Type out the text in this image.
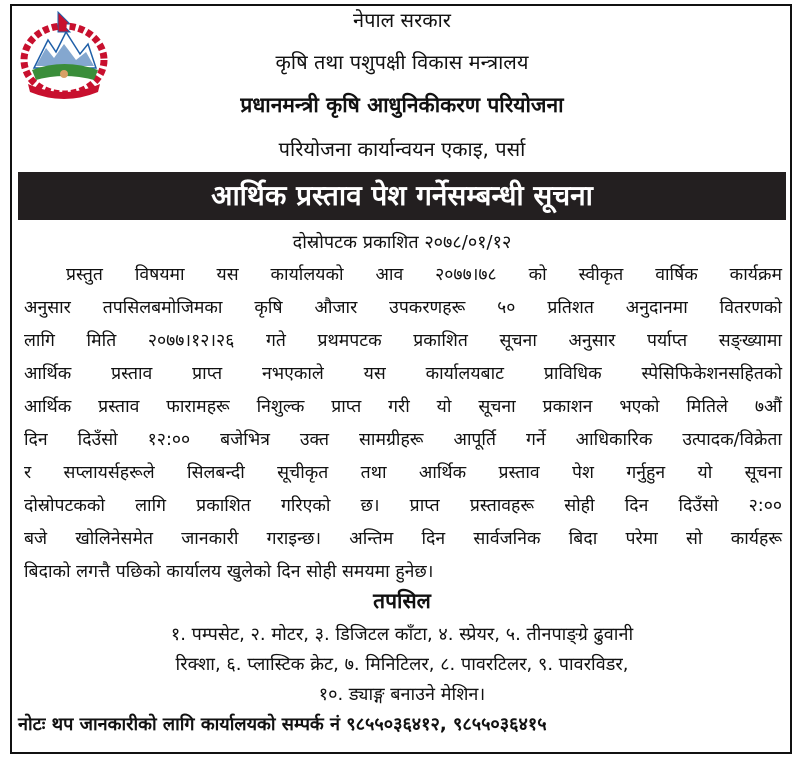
नेपाल सरकार
कृषि तथा पशुपक्षी विकास मन्त्रालय
प्रधानमन्त्री कृषि आधुनिकीकरण परियोजना
परियोजना कार्यान्वयन एकाइ, पर्सा
आर्थिक प्रस्ताव पेश गर्नेसम्बन्धी सूचना
दोस्रोपटक प्रकाशित २०७८/०१/१२
प्रस्तुत विषयमा यस कार्यालयको आव २०७७।७८ को स्वीकृत वार्षिक कार्यक्रम
अनुसार तपसिलबमोजिमका कृषि औजार उपकरणहरू ५० प्रतिशत अनुदानमा वितरणको
लागि मिति २०७७।१२।२६ गते प्रथमपटक प्रकाशित सूचना अनुसार पर्याप्त सङ्ख्यामा
आर्थिक प्रस्ताव प्राप्त नभएकाले यस कार्यालयबाट प्राविधिक स्पेसिफिकेशनसहितको
आर्थिक प्रस्ताव फारामहरू निशुल्क प्राप्त गरी यो सूचना प्रकाशन भएको मितिले ७औं
दिन दिउँसो १२:०० बजेभित्र उक्त सामग्रीहरू आपूर्ति गर्ने आधिकारिक उत्पादक/विक्रेता
र सप्लायर्सहरूले सिलबन्दी सूचीकृत तथा आर्थिक प्रस्ताव पेश गर्नुहुन यो सूचना
दोस्रोपटकको लागि प्रकाशित गरिएको छ। प्राप्त प्रस्तावहरू सोही दिन दिउँसो २:००
बजे खोलिनेसमेत जानकारी गराइन्छ। अन्तिम दिन सार्वजनिक बिदा परेमा सो कार्यहरू
बिदाको लगत्तै पछिको कार्यालय खुलेको दिन सोही समयमा हुनेछ।
तपसिल
१. पम्पसेट, २. मोटर, ३. डिजिटल काँटा, ४. स्प्रेयर, ५. तीनपाङ्ग्रे ढुवानी
रिक्शा, ६. प्लास्टिक क्रेट, ७. मिनिटिलर, ८. पावरटिलर, ९. पावरविडर,
१०. ड्याङ्ग बनाउने मेशिन।
नोटः थप जानकारीको लागि कार्यालयको सम्पर्क नं ९८५५०३६४१२, ९८५५०३६४१५
